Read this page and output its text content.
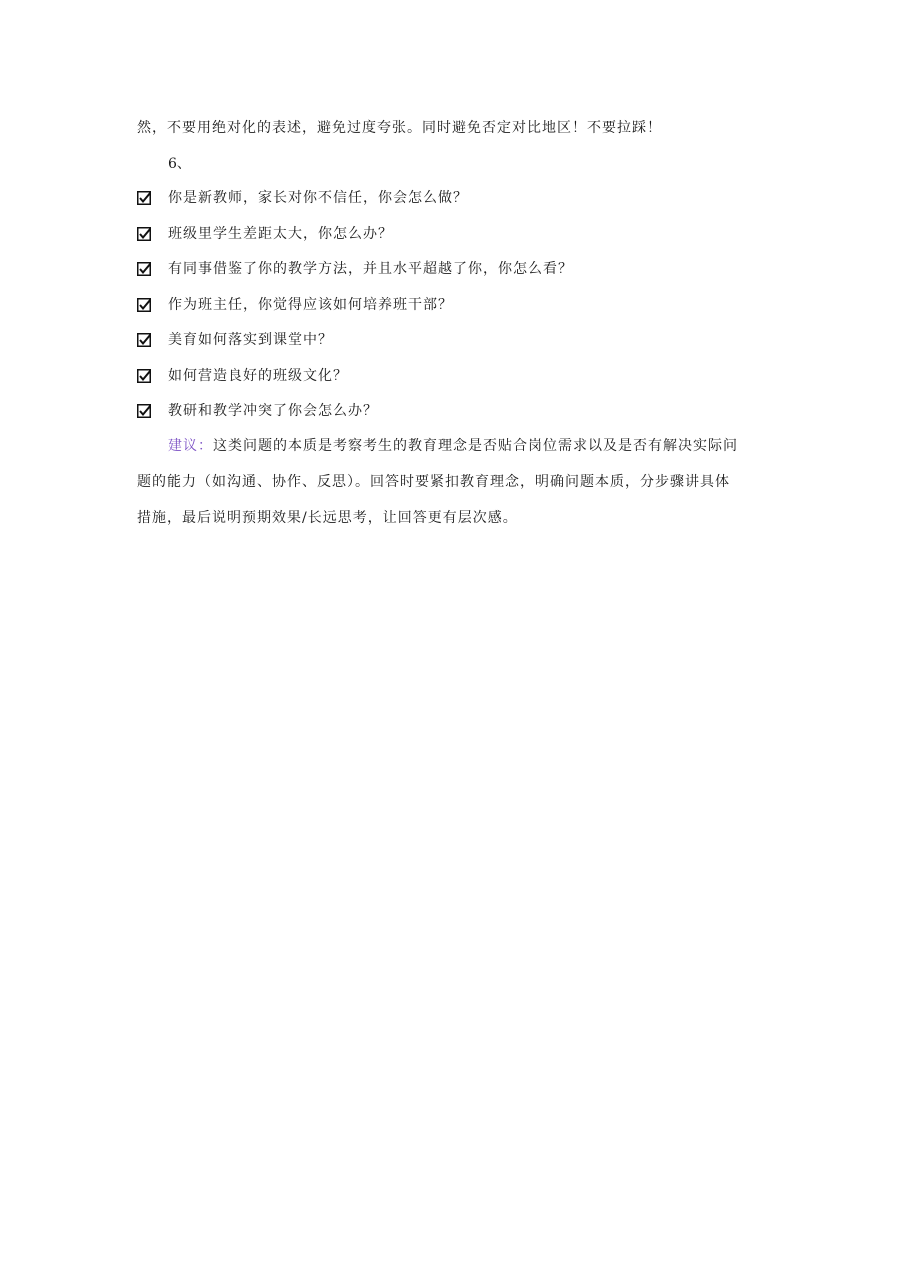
然，不要用绝对化的表述，避免过度夸张。同时避免否定对比地区！不要拉踩！
6、
你是新教师，家长对你不信任，你会怎么做？
班级里学生差距太大，你怎么办？
有同事借鉴了你的教学方法，并且水平超越了你，你怎么看？
作为班主任，你觉得应该如何培养班干部？
美育如何落实到课堂中？
如何营造良好的班级文化？
教研和教学冲突了你会怎么办？
建议：这类问题的本质是考察考生的教育理念是否贴合岗位需求以及是否有解决实际问
题的能力（如沟通、协作、反思）。回答时要紧扣教育理念，明确问题本质，分步骤讲具体
措施，最后说明预期效果/长远思考，让回答更有层次感。
